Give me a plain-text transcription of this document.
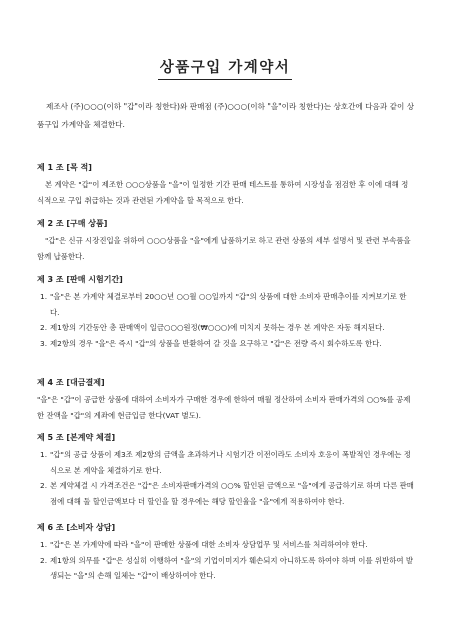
상품구입 가계약서

제조사 (주)○○○(이하 "갑"이라 칭한다)와 판매점 (주)○○○(이하 "을"이라 칭한다)는 상호간에 다음과 같이 상품구입 가계약을 체결한다.

제 1 조 [목 적]

본 계약은 "갑"이 제조한 ○○○상품을 "을"이 일정한 기간 판매 테스트를 통하여 시장성을 점검한 후 이에 대해 정식적으로 구입 취급하는 것과 관련된 가계약을 할 목적으로 한다.

제 2 조 [구매 상품]

"갑"은 신규 시장진입을 위하여 ○○○상품을 "을"에게 납품하기로 하고 관련 상품의 세부 설명서 및 관련 부속품을 함께 납품한다.

제 3 조 [판매 시험기간]
1. "을"은 본 가계약 체결로부터 20○○년 ○○월 ○○일까지 "갑"의 상품에 대한 소비자 판매추이를 지켜보기로 한다.
2. 제1항의 기간동안 총 판매액이 일금○○○원정(₩○○○)에 미치지 못하는 경우 본 계약은 자동 해지된다.
3. 제2항의 경우 "을"은 즉시 "갑"의 상품을 반환하여 갈 것을 요구하고 "갑"은 전량 즉시 회수하도록 한다.
제 4 조 [대금결제]

"을"은 "갑"이 공급한 상품에 대하여 소비자가 구매한 경우에 한하여 매월 정산하여 소비자 판매가격의 ○○%를 공제한 잔액을 "갑"의 계좌에 현금입금 한다(VAT 별도).

제 5 조 [본계약 체결]
1. "갑"의 공급 상품이 제3조 제2항의 금액을 초과하거나 시험기간 이전이라도 소비자 호응이 폭발적인 경우에는 정식으로 본 계약을 체결하기로 한다.
2. 본 계약체결 시 가격조건은 "갑"은 소비자판매가격의 ○○% 할인된 금액으로 "을"에게 공급하기로 하며 다른 판매점에 대해 둘 할인금액보다 더 할인을 할 경우에는 해당 할인율을 "을"에게 적용하여야 한다.
제 6 조 [소비자 상담]
1. "갑"은 본 가계약에 따라 "을"이 판매한 상품에 대한 소비자 상담업무 및 서비스를 처리하여야 한다.
2. 제1항의 의무를 "갑"은 성실히 이행하여 "을"의 기업이미지가 훼손되지 아니하도록 하여야 하며 이를 위반하여 발생되는 "을"의 손해 일체는 "갑"이 배상하여야 한다.
